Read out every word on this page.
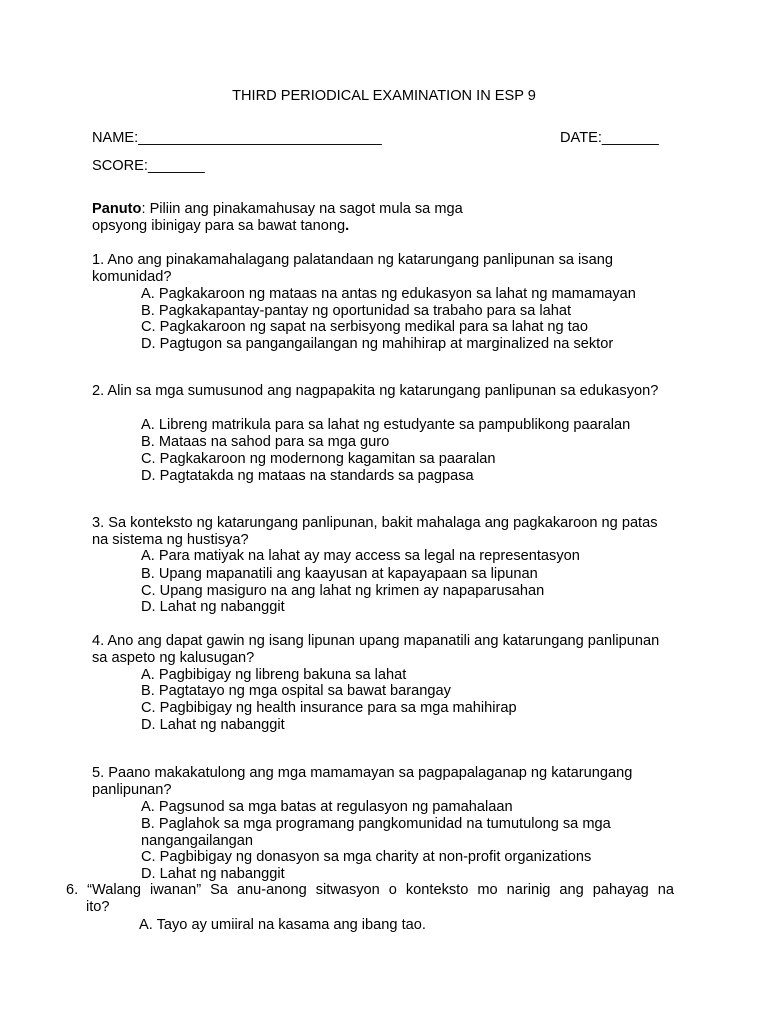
THIRD PERIODICAL EXAMINATION IN ESP 9
NAME:______________________________	DATE:_______
SCORE:_______
Panuto: Piliin ang pinakamahusay na sagot mula sa mga
opsyong ibinigay para sa bawat tanong.
1. Ano ang pinakamahalagang palatandaan ng katarungang panlipunan sa isang komunidad?
A. Pagkakaroon ng mataas na antas ng edukasyon sa lahat ng mamamayan
B. Pagkakapantay-pantay ng oportunidad sa trabaho para sa lahat
C. Pagkakaroon ng sapat na serbisyong medikal para sa lahat ng tao
D. Pagtugon sa pangangailangan ng mahihirap at marginalized na sektor
2. Alin sa mga sumusunod ang nagpapakita ng katarungang panlipunan sa edukasyon?
A. Libreng matrikula para sa lahat ng estudyante sa pampublikong paaralan
B. Mataas na sahod para sa mga guro
C. Pagkakaroon ng modernong kagamitan sa paaralan
D. Pagtatakda ng mataas na standards sa pagpasa
3. Sa konteksto ng katarungang panlipunan, bakit mahalaga ang pagkakaroon ng patas na sistema ng hustisya?
A. Para matiyak na lahat ay may access sa legal na representasyon
B. Upang mapanatili ang kaayusan at kapayapaan sa lipunan
C. Upang masiguro na ang lahat ng krimen ay napaparusahan
D. Lahat ng nabanggit
4. Ano ang dapat gawin ng isang lipunan upang mapanatili ang katarungang panlipunan sa aspeto ng kalusugan?
A. Pagbibigay ng libreng bakuna sa lahat
B. Pagtatayo ng mga ospital sa bawat barangay
C. Pagbibigay ng health insurance para sa mga mahihirap
D. Lahat ng nabanggit
5. Paano makakatulong ang mga mamamayan sa pagpapalaganap ng katarungang panlipunan?
A. Pagsunod sa mga batas at regulasyon ng pamahalaan
B. Paglahok sa mga programang pangkomunidad na tumutulong sa mga
nangangailangan
C. Pagbibigay ng donasyon sa mga charity at non-profit organizations
D. Lahat ng nabanggit
6. “Walang iwanan” Sa anu-anong sitwasyon o konteksto mo narinig ang pahayag na
ito?
A. Tayo ay umiiral na kasama ang ibang tao.
